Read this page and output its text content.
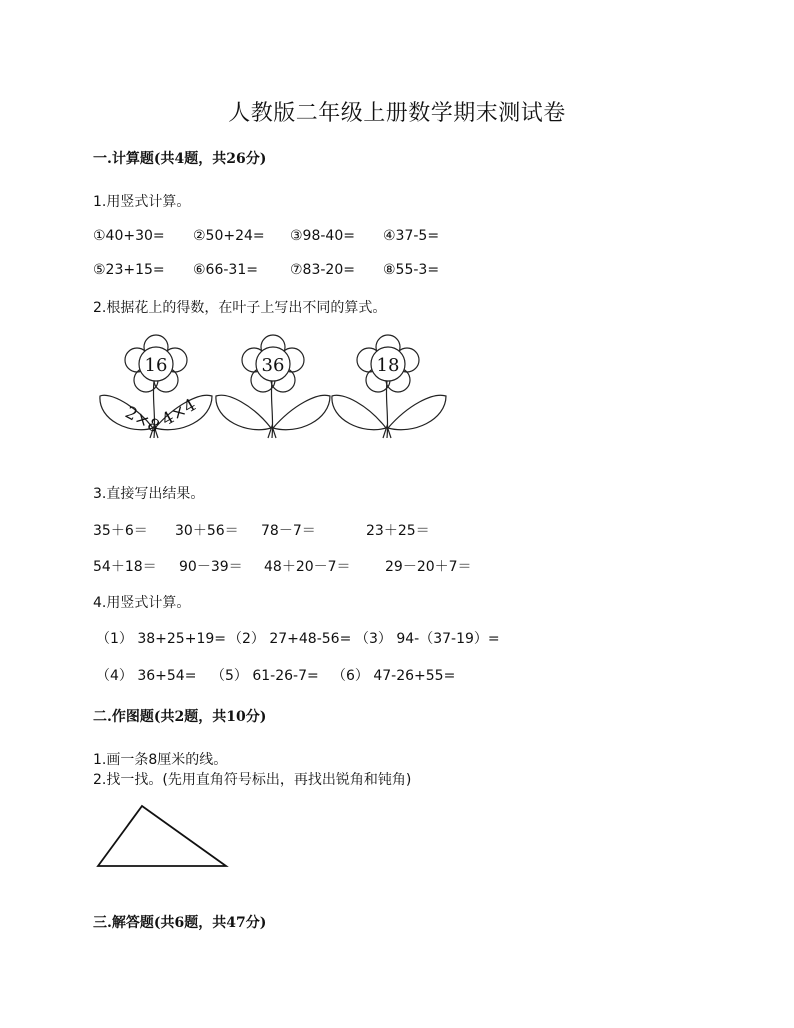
人教版二年级上册数学期末测试卷
一.计算题(共4题，共26分)
1.用竖式计算。
①40+30= ②50+24= ③98-40= ④37-5=
⑤23+15= ⑥66-31= ⑦83-20= ⑧55-3=
2.根据花上的得数，在叶子上写出不同的算式。
16	36	18
2×8
4×4
3.直接写出结果。
35＋6＝ 30＋56＝ 78－7＝	23＋25＝
54＋18＝ 90－39＝ 48＋20－7＝ 29－20＋7＝
4.用竖式计算。
（1） 38+25+19= （2） 27+48-56= （3） 94-（37-19）=
（4） 36+54= （5） 61-26-7= （6） 47-26+55=
二.作图题(共2题，共10分)
1.画一条8厘米的线。
2.找一找。(先用直角符号标出，再找出锐角和钝角)
三.解答题(共6题，共47分)
